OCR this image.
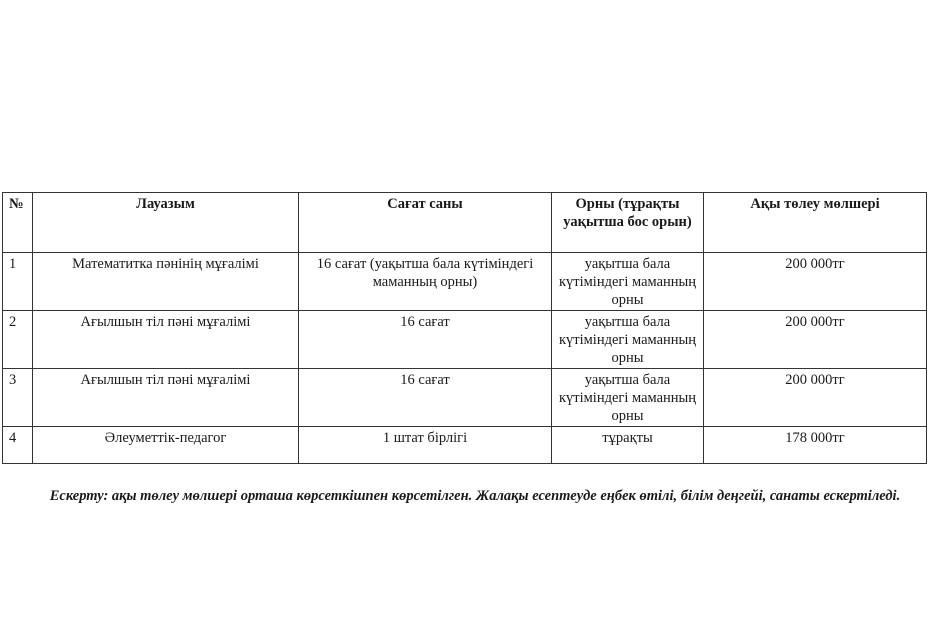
№	Лауазым	Сағат саны	Орны (тұрақты уақытша бос орын)	Ақы төлеу мөлшері
1	Математитка пәнінің мұғалімі	16 сағат (уақытша бала күтіміндегі маманның орны)	уақытша бала күтіміндегі маманның орны	200 000тг
2	Ағылшын тіл пәні мұғалімі	16 сағат	уақытша бала күтіміндегі маманның орны	200 000тг
3	Ағылшын тіл пәні мұғалімі	16 сағат	уақытша бала күтіміндегі маманның орны	200 000тг
4	Әлеуметтік-педагог	1 штат бірлігі	тұрақты	178 000тг
Ескерту: ақы төлеу мөлшері орташа көрсеткішпен көрсетілген. Жалақы есептеуде еңбек өтілі, білім деңгейі, санаты ескертіледі.
